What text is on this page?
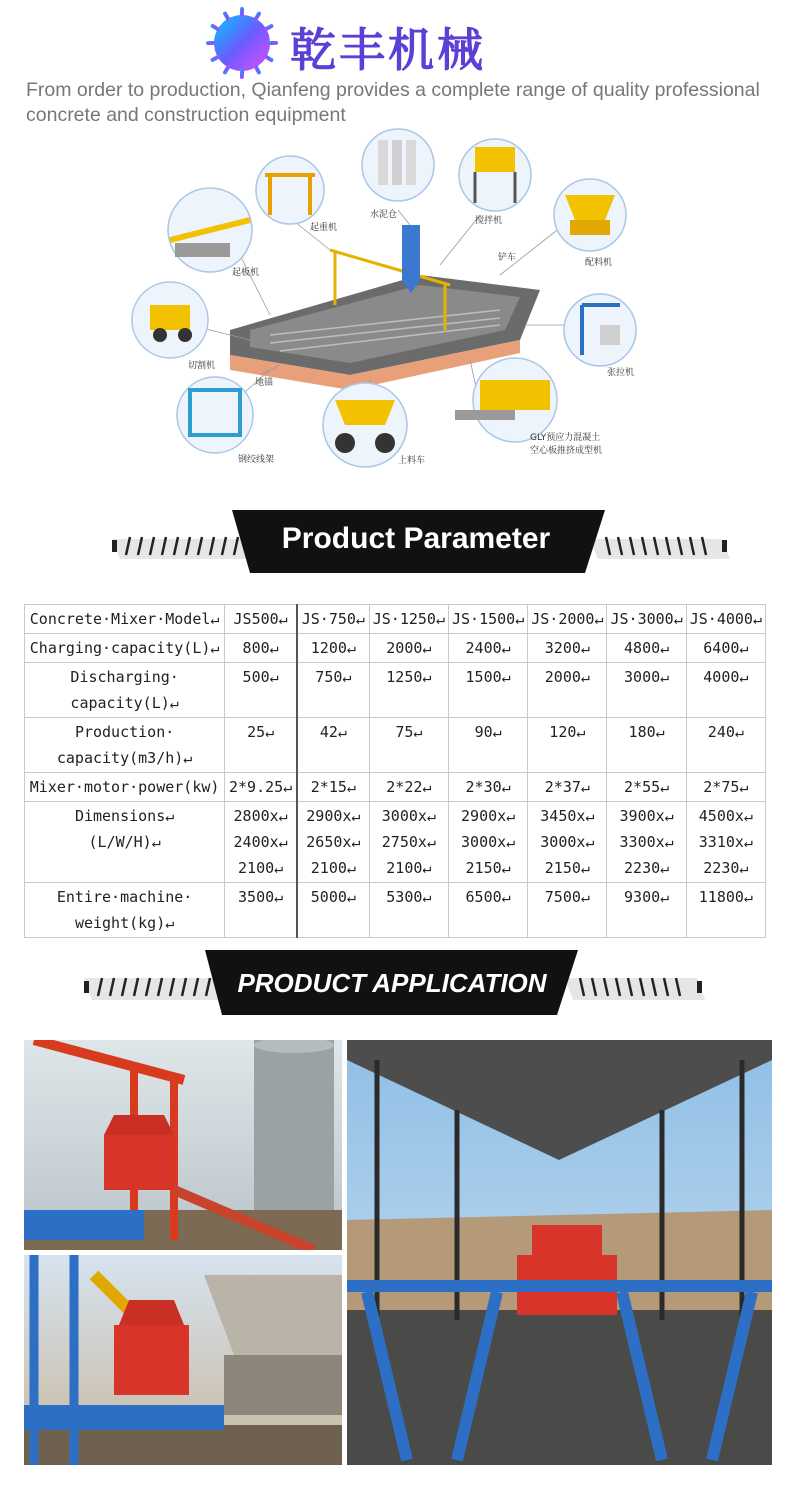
乾丰机械
From order to production, Qianfeng provides a complete range of quality professional concrete and construction equipment
起重机
水泥仓
搅拌机
配料机
起板机
铲车
切割机
张拉机
地锚
钢绞线架	上料车
GLY预应力混凝土
空心板推挤成型机
Product Parameter
Concrete·Mixer·Model↵	JS500↵	JS·750↵	JS·1250↵	JS·1500↵	JS·2000↵	JS·3000↵	JS·4000↵
Charging·capacity(L)↵	800↵	1200↵	2000↵	2400↵	3200↵	4800↵	6400↵
Discharging·
capacity(L)↵	500↵	750↵	1250↵	1500↵	2000↵	3000↵	4000↵
Production·
capacity(m3/h)↵	25↵	42↵	75↵	90↵	120↵	180↵	240↵
Mixer·motor·power(kw)	2*9.25↵	2*15↵	2*22↵	2*30↵	2*37↵	2*55↵	2*75↵
Dimensions↵
(L/W/H)↵	2800x↵
2400x↵
2100↵	2900x↵
2650x↵
2100↵	3000x↵
2750x↵
2100↵	2900x↵
3000x↵
2150↵	3450x↵
3000x↵
2150↵	3900x↵
3300x↵
2230↵	4500x↵
3310x↵
2230↵
Entire·machine·
weight(kg)↵	3500↵	5000↵	5300↵	6500↵	7500↵	9300↵	11800↵
PRODUCT APPLICATION
